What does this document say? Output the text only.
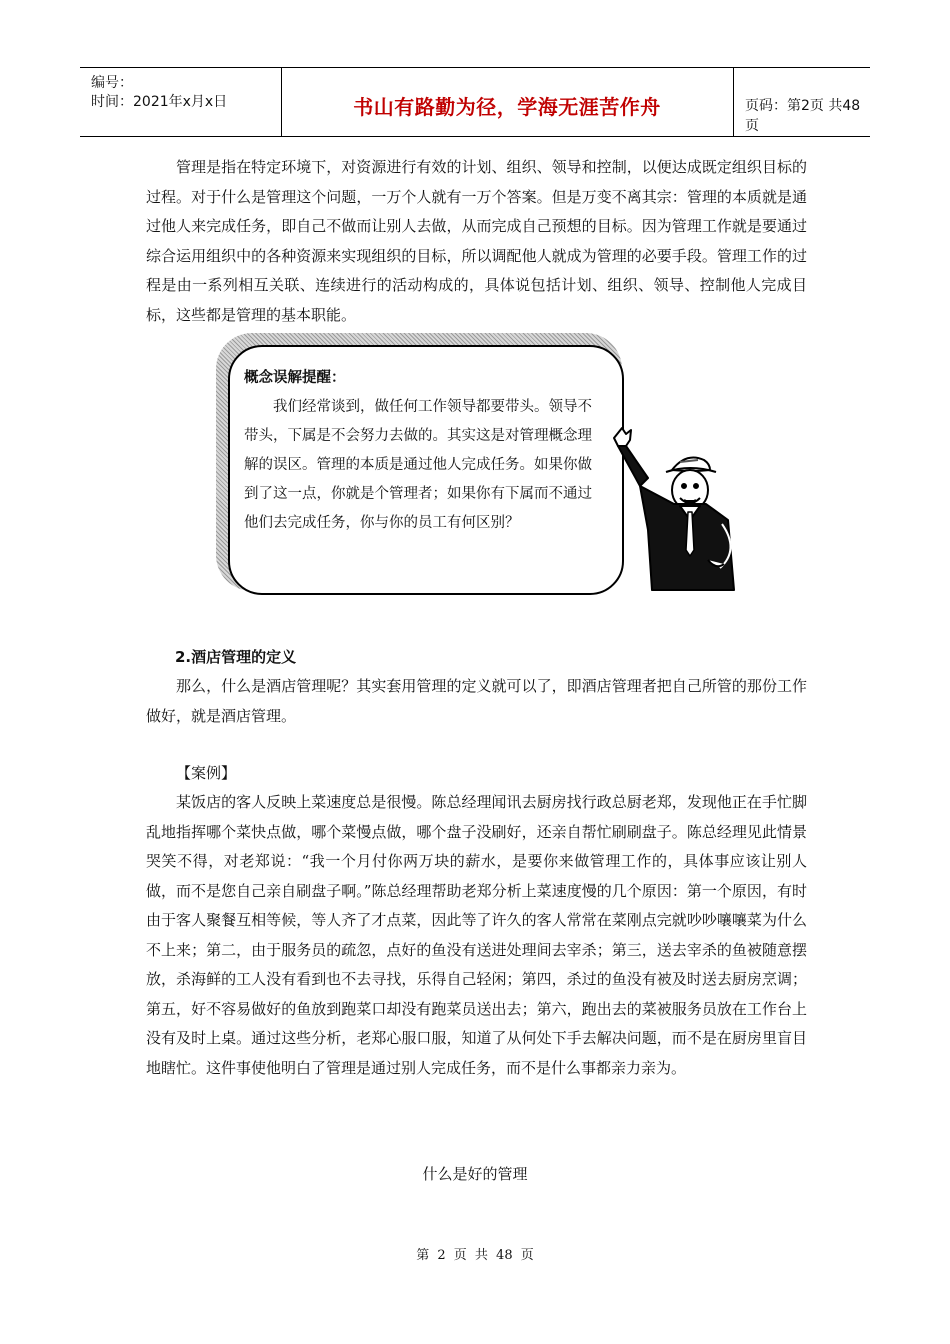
编号：
时间：2021年x月x日	书山有路勤为径，学海无涯苦作舟	页码：第2页 共48页

管理是指在特定环境下，对资源进行有效的计划、组织、领导和控制，以便达成既定组织目标的过程。对于什么是管理这个问题，一万个人就有一万个答案。但是万变不离其宗：管理的本质就是通过他人来完成任务，即自己不做而让别人去做，从而完成自己预想的目标。因为管理工作就是要通过综合运用组织中的各种资源来实现组织的目标，所以调配他人就成为管理的必要手段。管理工作的过程是由一系列相互关联、连续进行的活动构成的，具体说包括计划、组织、领导、控制他人完成目标，这些都是管理的基本职能。

概念误解提醒：
我们经常谈到，做任何工作领导都要带头。领导不带头，下属是不会努力去做的。其实这是对管理概念理解的误区。管理的本质是通过他人完成任务。如果你做到了这一点，你就是个管理者；如果你有下属而不通过他们去完成任务，你与你的员工有何区别？
2.酒店管理的定义

那么，什么是酒店管理呢？其实套用管理的定义就可以了，即酒店管理者把自己所管的那份工作做好，就是酒店管理。

【案例】

某饭店的客人反映上菜速度总是很慢。陈总经理闻讯去厨房找行政总厨老郑，发现他正在手忙脚乱地指挥哪个菜快点做，哪个菜慢点做，哪个盘子没刷好，还亲自帮忙刷刷盘子。陈总经理见此情景哭笑不得，对老郑说：“我一个月付你两万块的薪水，是要你来做管理工作的，具体事应该让别人做，而不是您自己亲自刷盘子啊。”陈总经理帮助老郑分析上菜速度慢的几个原因：第一个原因，有时由于客人聚餐互相等候，等人齐了才点菜，因此等了许久的客人常常在菜刚点完就吵吵嚷嚷菜为什么不上来；第二，由于服务员的疏忽，点好的鱼没有送进处理间去宰杀；第三，送去宰杀的鱼被随意摆放，杀海鲜的工人没有看到也不去寻找，乐得自己轻闲；第四，杀过的鱼没有被及时送去厨房烹调；第五，好不容易做好的鱼放到跑菜口却没有跑菜员送出去；第六，跑出去的菜被服务员放在工作台上没有及时上桌。通过这些分析，老郑心服口服，知道了从何处下手去解决问题，而不是在厨房里盲目地瞎忙。这件事使他明白了管理是通过别人完成任务，而不是什么事都亲力亲为。

什么是好的管理
第 2 页 共 48 页
